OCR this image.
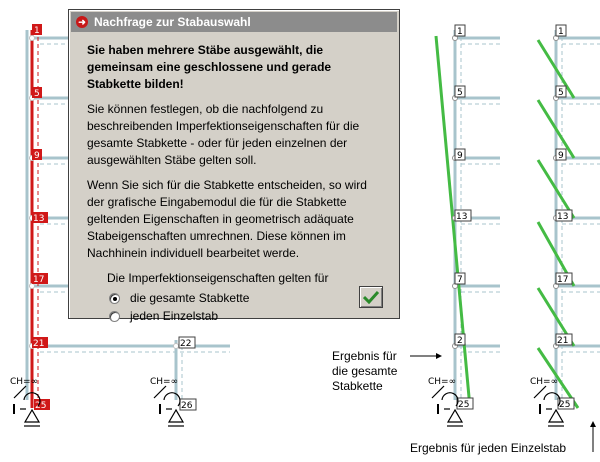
1
5
9
13
17
21
25
22
26
CH=∞	CH=∞
1
5
9
13
7
2
25
CH=∞
1
5
9
13
17
21
25
CH=∞
➜ Nachfrage zur Stabauswahl

Sie haben mehrere Stäbe ausgewählt, die gemeinsam eine geschlossene und gerade Stabkette bilden!

Sie können festlegen, ob die nachfolgend zu beschreibenden Imperfektionseigenschaften für die gesamte Stabkette - oder für jeden einzelnen der ausgewählten Stäbe gelten soll.

Wenn Sie sich für die Stabkette entscheiden, so wird der grafische Eingabemodul die für die Stabkette geltenden Eigenschaften in geometrisch adäquate Stabeigenschaften umrechnen. Diese können im Nachhinein individuell bearbeitet werde.

Die Imperfektionseigenschaften gelten für

die gesamte Stabkette
jeden Einzelstab
Ergebnis für die gesamte Stabkette
Ergebnis für jeden Einzelstab
